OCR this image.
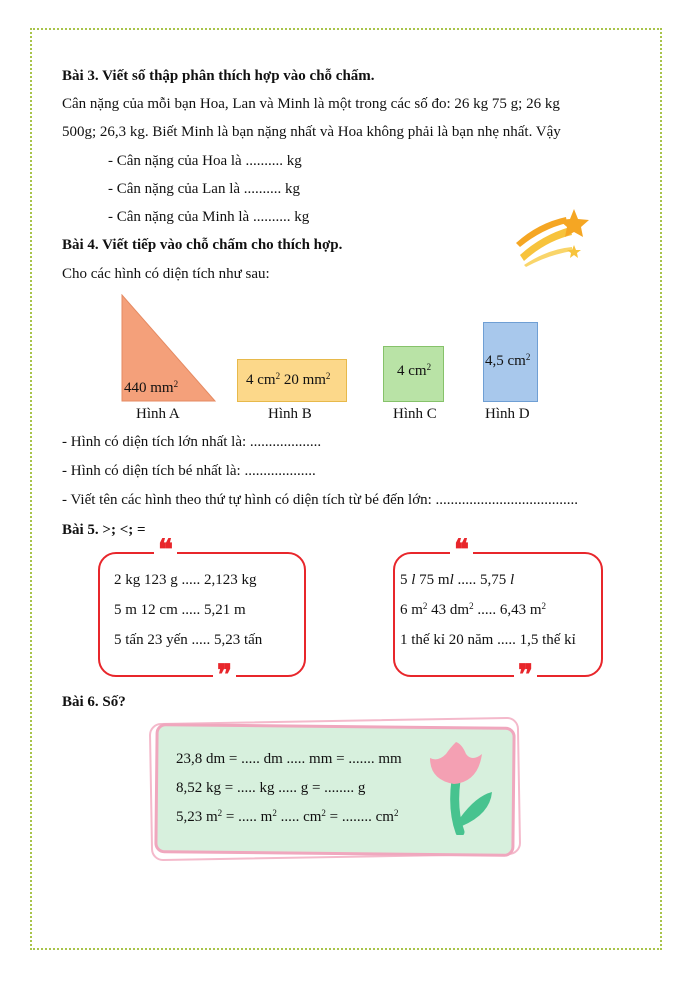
Bài 3. Viết số thập phân thích hợp vào chỗ chấm.
Cân nặng của mỗi bạn Hoa, Lan và Minh là một trong các số đo: 26 kg 75 g; 26 kg
500g; 26,3 kg. Biết Minh là bạn nặng nhất và Hoa không phải là bạn nhẹ nhất. Vậy
- Cân nặng của Hoa là .......... kg
- Cân nặng của Lan là .......... kg
- Cân nặng của Minh là .......... kg
Bài 4. Viết tiếp vào chỗ chấm cho thích hợp.
Cho các hình có diện tích như sau:
440 $mm^2$	4 $cm^2$ 20 $mm^2$	4 $cm^2$	4,5 $cm^2$
Hình A	Hình B	Hình C	Hình D
- Hình có diện tích lớn nhất là: ...................
- Hình có diện tích bé nhất là: ...................
- Viết tên các hình theo thứ tự hình có diện tích từ bé đến lớn: ......................................
Bài 5. >; <; =
❝
❞
2 kg 123 g ..... 2,123 kg
5 m 12 cm ..... 5,21 m
5 tấn 23 yến ..... 5,23 tấn
❝
❞
5 l 75 ml ..... 5,75 l
6 $m^2$ 43 $dm^2$ ..... 6,43 $m^2$
1 thế kỉ 20 năm ..... 1,5 thế kỉ
Bài 6. Số?
23,8 dm = ..... dm ..... mm = ....... mm
8,52 kg = ..... kg ..... g = ........ g
5,23 $m^2$ = ..... $m^2$ ..... $cm^2$ = ........ $cm^2$
